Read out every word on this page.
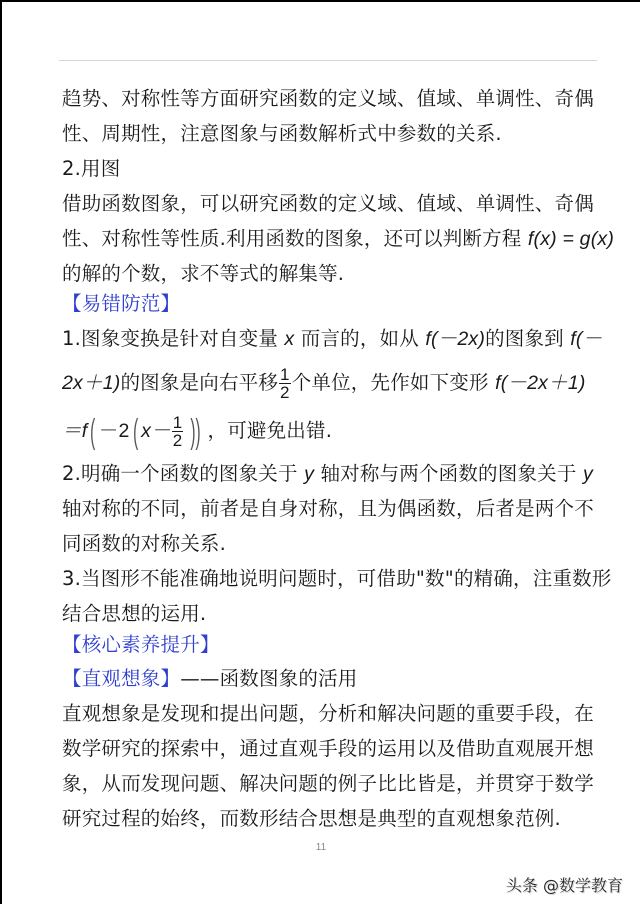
趋势、对称性等方面研究函数的定义域、值域、单调性、奇偶
性、周期性，注意图象与函数解析式中参数的关系.
2.用图
借助函数图象，可以研究函数的定义域、值域、单调性、奇偶
性、对称性等性质.利用函数的图象，还可以判断方程 f(x) = g(x)
的解的个数，求不等式的解集等.
【易错防范】
1.图象变换是针对自变量 x 而言的，如从 f(－2x)的图象到 f(－
2x＋1)的图象是向右平移 $\frac{1}{2}$ 个单位，先作如下变形 f(－2x＋1)
＝f( －2( $x- \frac{1}{2}$ )) ，可避免出错.
2.明确一个函数的图象关于 y 轴对称与两个函数的图象关于 y
轴对称的不同，前者是自身对称，且为偶函数，后者是两个不
同函数的对称关系.
3.当图形不能准确地说明问题时，可借助"数"的精确，注重数形
结合思想的运用.
【核心素养提升】
【直观想象】——函数图象的活用
直观想象是发现和提出问题，分析和解决问题的重要手段，在
数学研究的探索中，通过直观手段的运用以及借助直观展开想
象，从而发现问题、解决问题的例子比比皆是，并贯穿于数学
研究过程的始终，而数形结合思想是典型的直观想象范例.
11
头条 @数学教育
